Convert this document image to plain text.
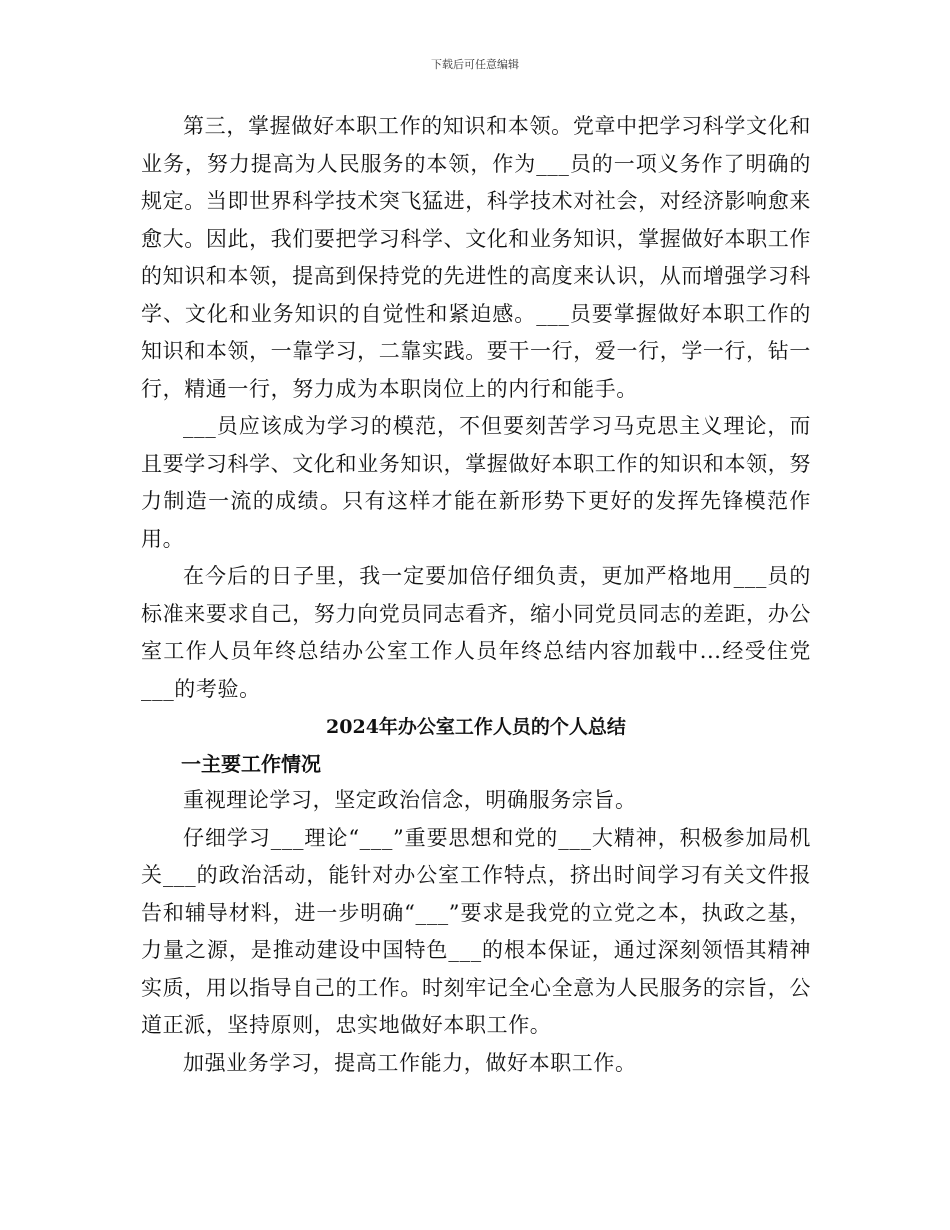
下载后可任意编辑

第三，掌握做好本职工作的知识和本领。党章中把学习科学文化和业务，努力提高为人民服务的本领，作为___员的一项义务作了明确的规定。当即世界科学技术突飞猛进，科学技术对社会，对经济影响愈来愈大。因此，我们要把学习科学、文化和业务知识，掌握做好本职工作的知识和本领，提高到保持党的先进性的高度来认识，从而增强学习科学、文化和业务知识的自觉性和紧迫感。___员要掌握做好本职工作的知识和本领，一靠学习，二靠实践。要干一行，爱一行，学一行，钻一行，精通一行，努力成为本职岗位上的内行和能手。

___员应该成为学习的模范，不但要刻苦学习马克思主义理论，而且要学习科学、文化和业务知识，掌握做好本职工作的知识和本领，努力制造一流的成绩。只有这样才能在新形势下更好的发挥先锋模范作用。

在今后的日子里，我一定要加倍仔细负责，更加严格地用___员的标准来要求自己，努力向党员同志看齐，缩小同党员同志的差距，办公室工作人员年终总结办公室工作人员年终总结内容加载中...经受住党___的考验。

2024年办公室工作人员的个人总结
一主要工作情况

重视理论学习，坚定政治信念，明确服务宗旨。

仔细学习___理论“___”重要思想和党的___大精神，积极参加局机关___的政治活动，能针对办公室工作特点，挤出时间学习有关文件报告和辅导材料，进一步明确“___”要求是我党的立党之本，执政之基，力量之源，是推动建设中国特色___的根本保证，通过深刻领悟其精神实质，用以指导自己的工作。时刻牢记全心全意为人民服务的宗旨，公道正派，坚持原则，忠实地做好本职工作。

加强业务学习，提高工作能力，做好本职工作。
